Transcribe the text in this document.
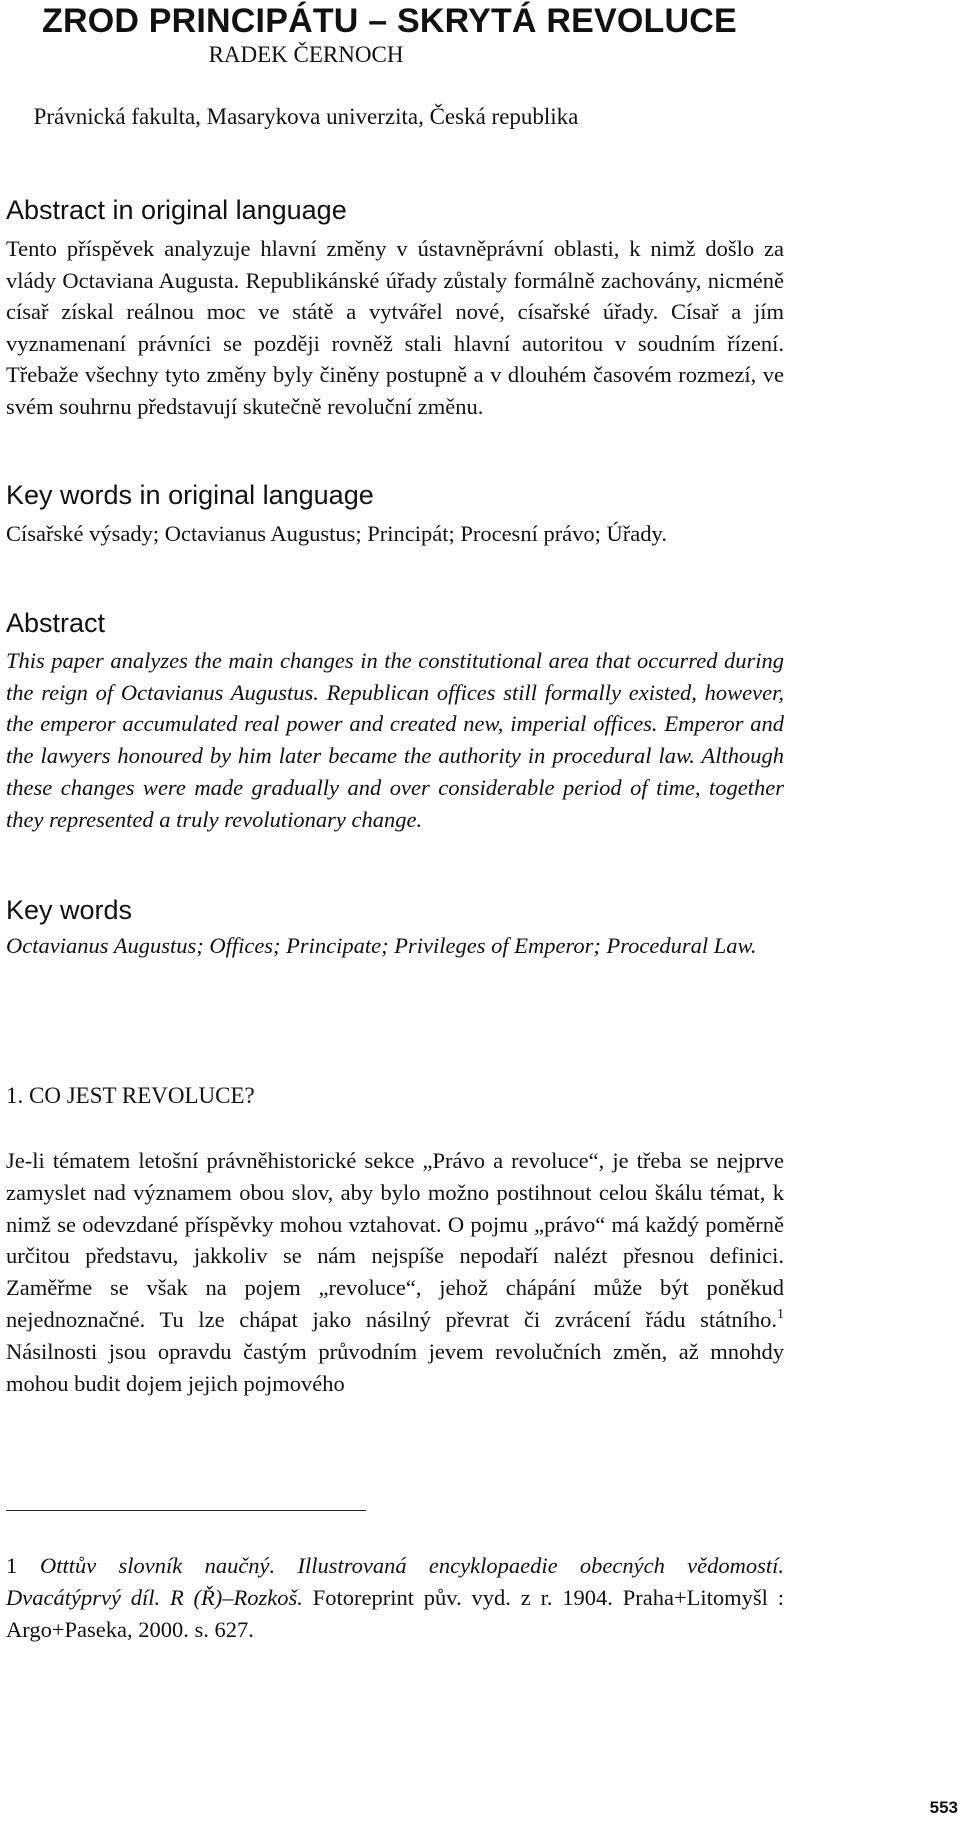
ZROD PRINCIPÁTU – SKRYTÁ REVOLUCE

RADEK ČERNOCH

Právnická fakulta, Masarykova univerzita, Česká republika

Abstract in original language

Tento příspěvek analyzuje hlavní změny v ústavněprávní oblasti, k nimž došlo za vlády Octaviana Augusta. Republikánské úřady zůstaly formálně zachovány, nicméně císař získal reálnou moc ve státě a vytvářel nové, císařské úřady. Císař a jím vyznamenaní právníci se později rovněž stali hlavní autoritou v soudním řízení. Třebaže všechny tyto změny byly činěny postupně a v dlouhém časovém rozmezí, ve svém souhrnu představují skutečně revoluční změnu.

Key words in original language

Císařské výsady; Octavianus Augustus; Principát; Procesní právo; Úřady.

Abstract

This paper analyzes the main changes in the constitutional area that occurred during the reign of Octavianus Augustus. Republican offices still formally existed, however, the emperor accumulated real power and created new, imperial offices. Emperor and the lawyers honoured by him later became the authority in procedural law. Although these changes were made gradually and over considerable period of time, together they represented a truly revolutionary change.

Key words

Octavianus Augustus; Offices; Principate; Privileges of Emperor; Procedural Law.

1. CO JEST REVOLUCE?

Je-li tématem letošní právněhistorické sekce „Právo a revoluce“, je třeba se nejprve zamyslet nad významem obou slov, aby bylo možno postihnout celou škálu témat, k nimž se odevzdané příspěvky mohou vztahovat. O pojmu „právo“ má každý poměrně určitou představu, jakkoliv se nám nejspíše nepodaří nalézt přesnou definici. Zaměřme se však na pojem „revoluce“, jehož chápání může být poněkud nejednoznačné. Tu lze chápat jako násilný převrat či zvrácení řádu státního.$^1$ Násilnosti jsou opravdu častým průvodním jevem revolučních změn, až mnohdy mohou budit dojem jejich pojmového

1 Otttův slovník naučný. Illustrovaná encyklopaedie obecných vědomostí. Dvacátýprvý díl. R (Ř)–Rozkoš. Fotoreprint pův. vyd. z r. 1904. Praha+Litomyšl : Argo+Paseka, 2000. s. 627.

553
